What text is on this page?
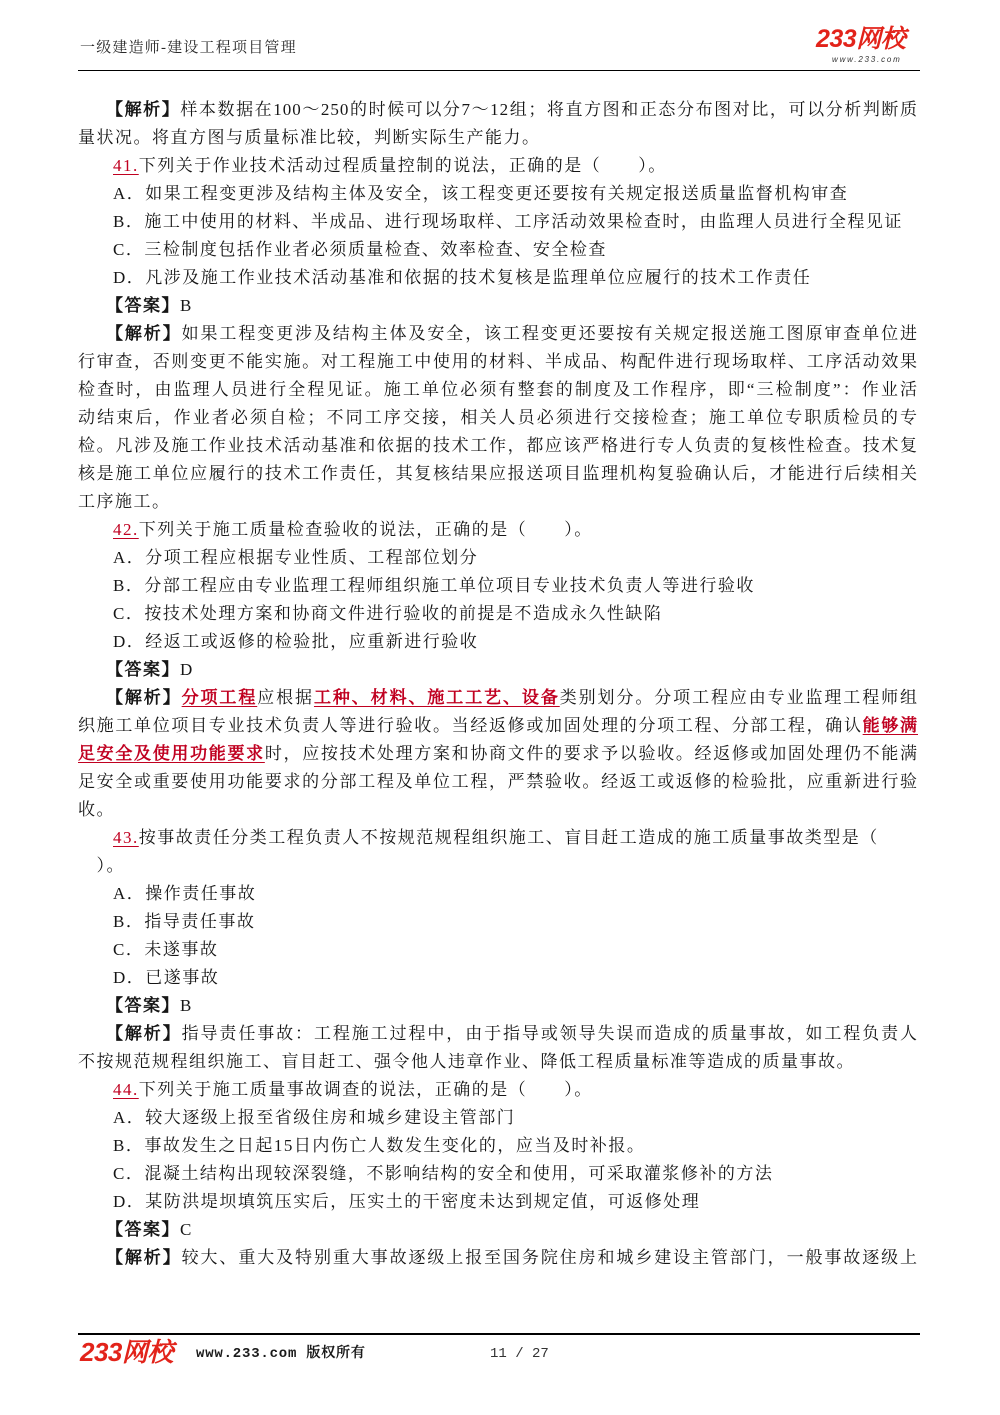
一级建造师-建设工程项目管理	233网校
www.233.com
【解析】样本数据在100～250的时候可以分7～12组；将直方图和正态分布图对比，可以分析判断质
量状况。将直方图与质量标准比较，判断实际生产能力。
41.下列关于作业技术活动过程质量控制的说法，正确的是（　　）。
A．如果工程变更涉及结构主体及安全，该工程变更还要按有关规定报送质量监督机构审查
B．施工中使用的材料、半成品、进行现场取样、工序活动效果检查时，由监理人员进行全程见证
C．三检制度包括作业者必须质量检查、效率检查、安全检查
D．凡涉及施工作业技术活动基准和依据的技术复核是监理单位应履行的技术工作责任
【答案】B
【解析】如果工程变更涉及结构主体及安全，该工程变更还要按有关规定报送施工图原审查单位进
行审查，否则变更不能实施。对工程施工中使用的材料、半成品、构配件进行现场取样、工序活动效果
检查时，由监理人员进行全程见证。施工单位必须有整套的制度及工作程序，即“三检制度”：作业活
动结束后，作业者必须自检；不同工序交接，相关人员必须进行交接检查；施工单位专职质检员的专
检。凡涉及施工作业技术活动基准和依据的技术工作，都应该严格进行专人负责的复核性检查。技术复
核是施工单位应履行的技术工作责任，其复核结果应报送项目监理机构复验确认后，才能进行后续相关
工序施工。
42.下列关于施工质量检查验收的说法，正确的是（　　）。
A．分项工程应根据专业性质、工程部位划分
B．分部工程应由专业监理工程师组织施工单位项目专业技术负责人等进行验收
C．按技术处理方案和协商文件进行验收的前提是不造成永久性缺陷
D．经返工或返修的检验批，应重新进行验收
【答案】D
【解析】分项工程应根据工种、材料、施工工艺、设备类别划分。分项工程应由专业监理工程师组
织施工单位项目专业技术负责人等进行验收。当经返修或加固处理的分项工程、分部工程，确认能够满
足安全及使用功能要求时，应按技术处理方案和协商文件的要求予以验收。经返修或加固处理仍不能满
足安全或重要使用功能要求的分部工程及单位工程，严禁验收。经返工或返修的检验批，应重新进行验
收。
43.按事故责任分类工程负责人不按规范规程组织施工、盲目赶工造成的施工质量事故类型是（
　）。
A．操作责任事故
B．指导责任事故
C．未遂事故
D．已遂事故
【答案】B
【解析】指导责任事故：工程施工过程中，由于指导或领导失误而造成的质量事故，如工程负责人
不按规范规程组织施工、盲目赶工、强令他人违章作业、降低工程质量标准等造成的质量事故。
44.下列关于施工质量事故调查的说法，正确的是（　　）。
A．较大逐级上报至省级住房和城乡建设主管部门
B．事故发生之日起15日内伤亡人数发生变化的，应当及时补报。
C．混凝土结构出现较深裂缝，不影响结构的安全和使用，可采取灌浆修补的方法
D．某防洪堤坝填筑压实后，压实土的干密度未达到规定值，可返修处理
【答案】C
【解析】较大、重大及特别重大事故逐级上报至国务院住房和城乡建设主管部门，一般事故逐级上
233网校 www.233.com 版权所有	11 / 27
